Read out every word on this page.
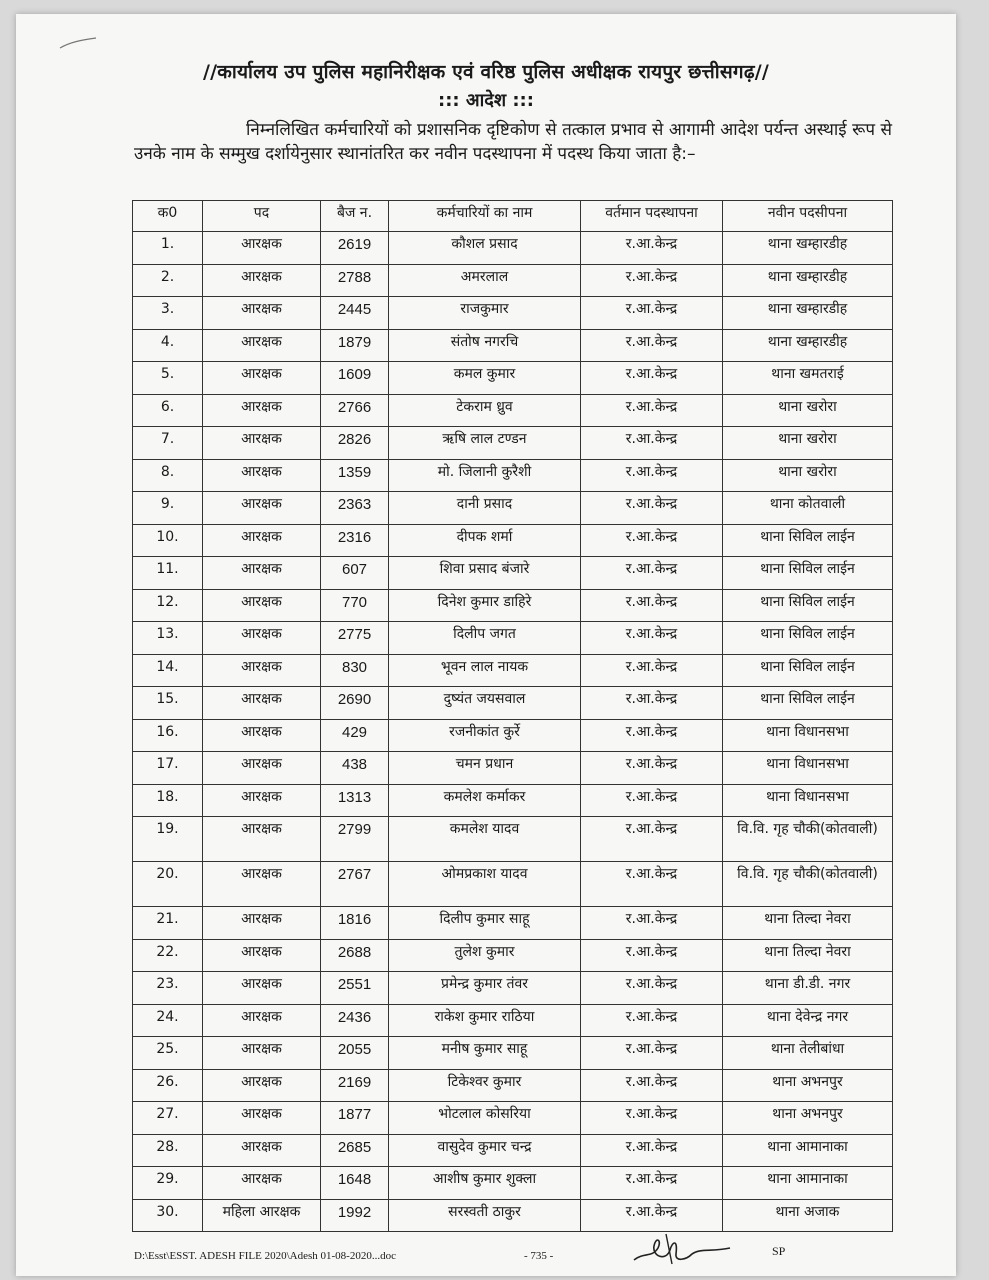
//कार्यालय उप पुलिस महानिरीक्षक एवं वरिष्ठ पुलिस अधीक्षक रायपुर छत्तीसगढ़//
::: आदेश :::
निम्नलिखित कर्मचारियों को प्रशासनिक दृष्टिकोण से तत्काल प्रभाव से आगामी आदेश पर्यन्त अस्थाई रूप से उनके नाम के सम्मुख दर्शायेनुसार स्थानांतरित कर नवीन पदस्थापना में पदस्थ किया जाता है:–
क0	पद	बैज न.	कर्मचारियों का नाम	वर्तमान पदस्थापना	नवीन पदसीपना
1.	आरक्षक	2619	कौशल प्रसाद	र.आ.केन्द्र	थाना खम्हारडीह
2.	आरक्षक	2788	अमरलाल	र.आ.केन्द्र	थाना खम्हारडीह
3.	आरक्षक	2445	राजकुमार	र.आ.केन्द्र	थाना खम्हारडीह
4.	आरक्षक	1879	संतोष नगरचि	र.आ.केन्द्र	थाना खम्हारडीह
5.	आरक्षक	1609	कमल कुमार	र.आ.केन्द्र	थाना खमतराई
6.	आरक्षक	2766	टेकराम ध्रुव	र.आ.केन्द्र	थाना खरोरा
7.	आरक्षक	2826	ऋषि लाल टण्डन	र.आ.केन्द्र	थाना खरोरा
8.	आरक्षक	1359	मो. जिलानी कुरैशी	र.आ.केन्द्र	थाना खरोरा
9.	आरक्षक	2363	दानी प्रसाद	र.आ.केन्द्र	थाना कोतवाली
10.	आरक्षक	2316	दीपक शर्मा	र.आ.केन्द्र	थाना सिविल लाईन
11.	आरक्षक	607	शिवा प्रसाद बंजारे	र.आ.केन्द्र	थाना सिविल लाईन
12.	आरक्षक	770	दिनेश कुमार डाहिरे	र.आ.केन्द्र	थाना सिविल लाईन
13.	आरक्षक	2775	दिलीप जगत	र.आ.केन्द्र	थाना सिविल लाईन
14.	आरक्षक	830	भूवन लाल नायक	र.आ.केन्द्र	थाना सिविल लाईन
15.	आरक्षक	2690	दुष्यंत जयसवाल	र.आ.केन्द्र	थाना सिविल लाईन
16.	आरक्षक	429	रजनीकांत कुर्रे	र.आ.केन्द्र	थाना विधानसभा
17.	आरक्षक	438	चमन प्रधान	र.आ.केन्द्र	थाना विधानसभा
18.	आरक्षक	1313	कमलेश कर्माकर	र.आ.केन्द्र	थाना विधानसभा
19.	आरक्षक	2799	कमलेश यादव	र.आ.केन्द्र	वि.वि. गृह चौकी(कोतवाली)
20.	आरक्षक	2767	ओमप्रकाश यादव	र.आ.केन्द्र	वि.वि. गृह चौकी(कोतवाली)
21.	आरक्षक	1816	दिलीप कुमार साहू	र.आ.केन्द्र	थाना तिल्दा नेवरा
22.	आरक्षक	2688	तुलेश कुमार	र.आ.केन्द्र	थाना तिल्दा नेवरा
23.	आरक्षक	2551	प्रमेन्द्र कुमार तंवर	र.आ.केन्द्र	थाना डी.डी. नगर
24.	आरक्षक	2436	राकेश कुमार राठिया	र.आ.केन्द्र	थाना देवेन्द्र नगर
25.	आरक्षक	2055	मनीष कुमार साहू	र.आ.केन्द्र	थाना तेलीबांधा
26.	आरक्षक	2169	टिकेश्वर कुमार	र.आ.केन्द्र	थाना अभनपुर
27.	आरक्षक	1877	भोटलाल कोसरिया	र.आ.केन्द्र	थाना अभनपुर
28.	आरक्षक	2685	वासुदेव कुमार चन्द्र	र.आ.केन्द्र	थाना आमानाका
29.	आरक्षक	1648	आशीष कुमार शुक्ला	र.आ.केन्द्र	थाना आमानाका
30.	महिला आरक्षक	1992	सरस्वती ठाकुर	र.आ.केन्द्र	थाना अजाक
D:\Esst\ESST. ADESH FILE 2020\Adesh 01-08-2020...doc	- 735 -	SP
